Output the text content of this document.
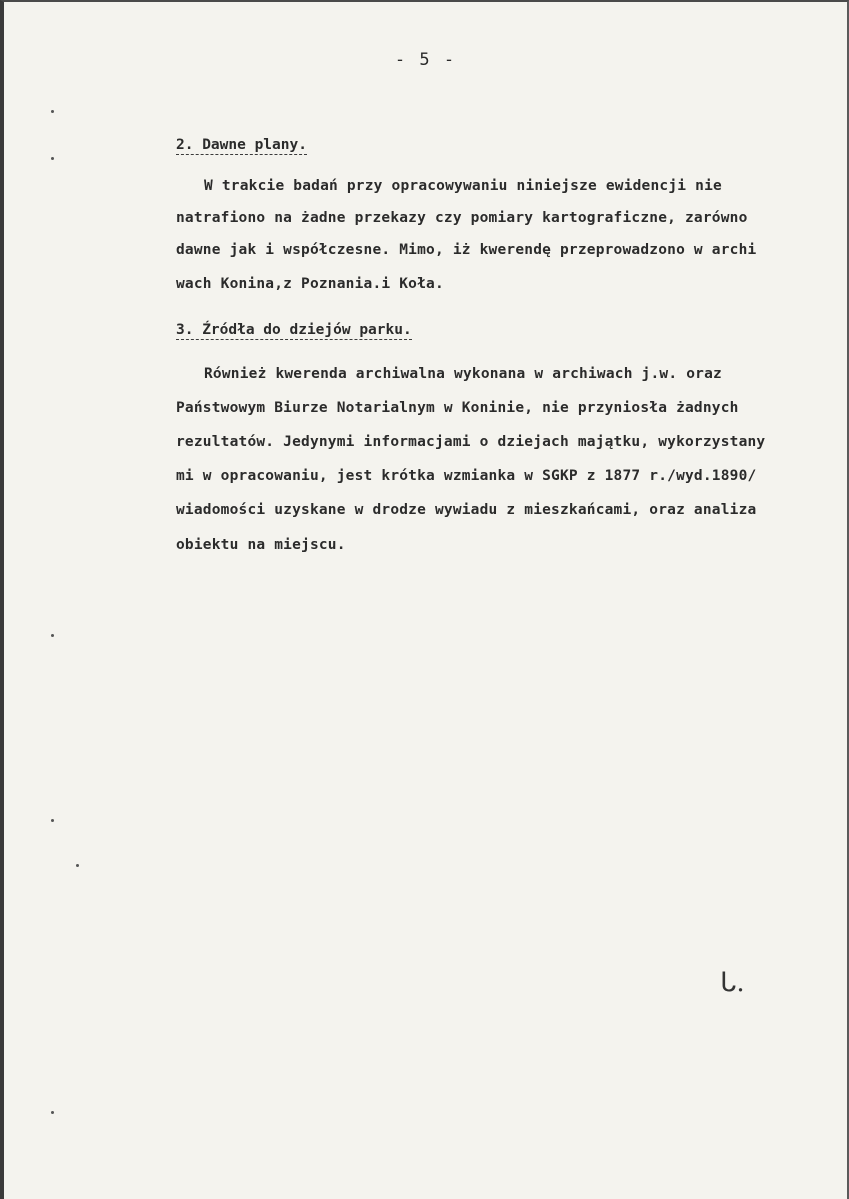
- 5 -
2. Dawne plany.
W trakcie badań przy opracowywaniu niniejsze ewidencji nie
natrafiono na żadne przekazy czy pomiary kartograficzne, zarówno
dawne jak i współczesne. Mimo, iż kwerendę przeprowadzono w archi
wach Konina,z Poznania.i Koła.
3. Źródła do dziejów parku.
Również kwerenda archiwalna wykonana w archiwach j.w. oraz
Państwowym Biurze Notarialnym w Koninie, nie przyniosła żadnych
rezultatów. Jedynymi informacjami o dziejach majątku, wykorzystany
mi w opracowaniu, jest krótka wzmianka w SGKP z 1877 r./wyd.1890/
wiadomości uzyskane w drodze wywiadu z mieszkańcami, oraz analiza
obiektu na miejscu.
ᒐ.
